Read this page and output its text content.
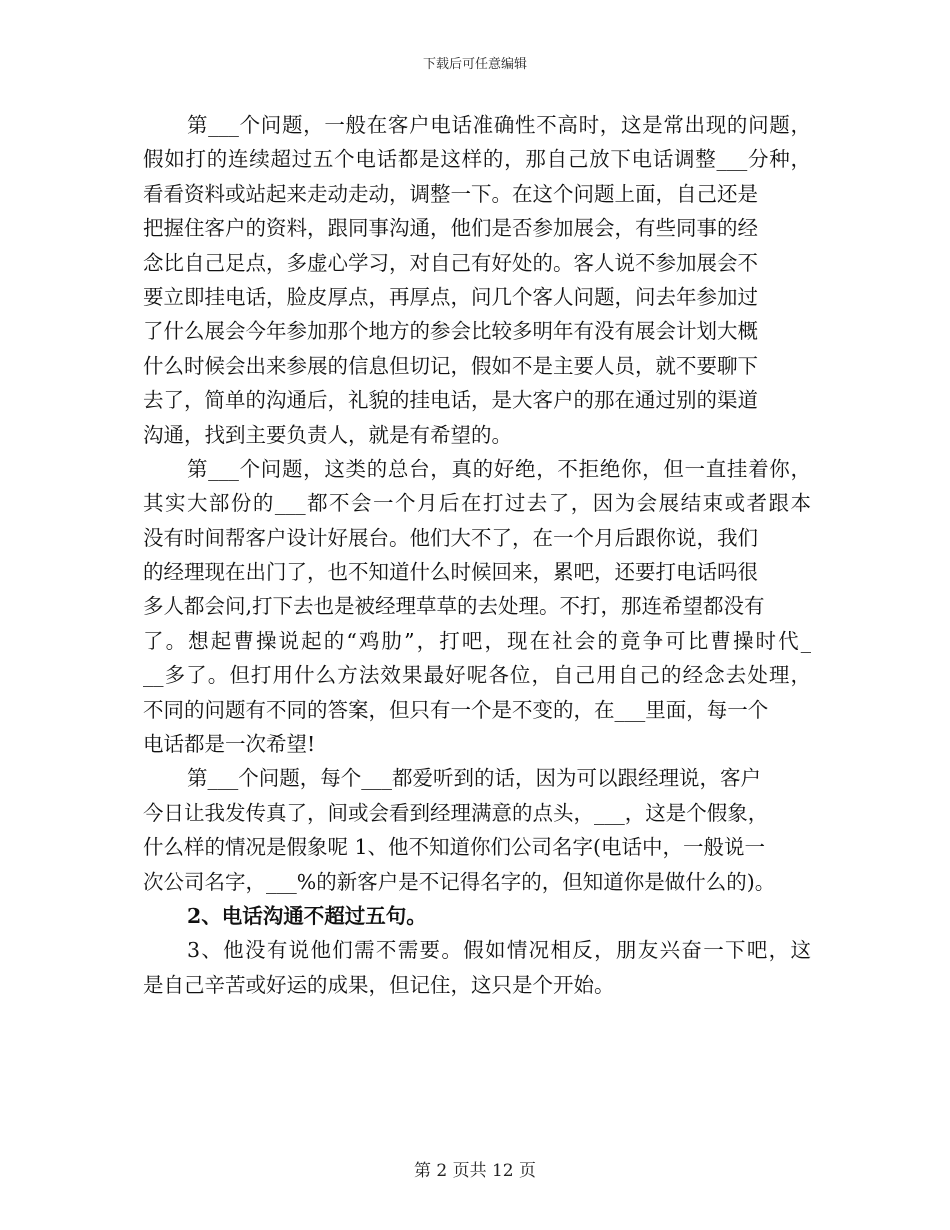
下载后可任意编辑
第___个问题，一般在客户电话准确性不高时，这是常出现的问题，
假如打的连续超过五个电话都是这样的，那自己放下电话调整___分种，
看看资料或站起来走动走动，调整一下。在这个问题上面，自己还是
把握住客户的资料，跟同事沟通，他们是否参加展会，有些同事的经
念比自己足点，多虚心学习，对自己有好处的。客人说不参加展会不
要立即挂电话，脸皮厚点，再厚点，问几个客人问题，问去年参加过
了什么展会今年参加那个地方的参会比较多明年有没有展会计划大概
什么时候会出来参展的信息但切记，假如不是主要人员，就不要聊下
去了，简单的沟通后，礼貌的挂电话，是大客户的那在通过别的渠道
沟通，找到主要负责人，就是有希望的。
第___个问题，这类的总台，真的好绝，不拒绝你，但一直挂着你，
其实大部份的___都不会一个月后在打过去了，因为会展结束或者跟本
没有时间帮客户设计好展台。他们大不了，在一个月后跟你说，我们
的经理现在出门了，也不知道什么时候回来，累吧，还要打电话吗很
多人都会问,打下去也是被经理草草的去处理。不打，那连希望都没有
了。想起曹操说起的“鸡肋”，打吧，现在社会的竟争可比曹操时代_
__多了。但打用什么方法效果最好呢各位，自己用自己的经念去处理，
不同的问题有不同的答案，但只有一个是不变的，在___里面，每一个
电话都是一次希望!
第___个问题，每个___都爱听到的话，因为可以跟经理说，客户
今日让我发传真了，间或会看到经理满意的点头，___，这是个假象，
什么样的情况是假象呢 1、他不知道你们公司名字(电话中，一般说一
次公司名字，___%的新客户是不记得名字的，但知道你是做什么的)。
2、电话沟通不超过五句。
3、他没有说他们需不需要。假如情况相反，朋友兴奋一下吧，这
是自己辛苦或好运的成果，但记住，这只是个开始。
第 2 页共 12 页
